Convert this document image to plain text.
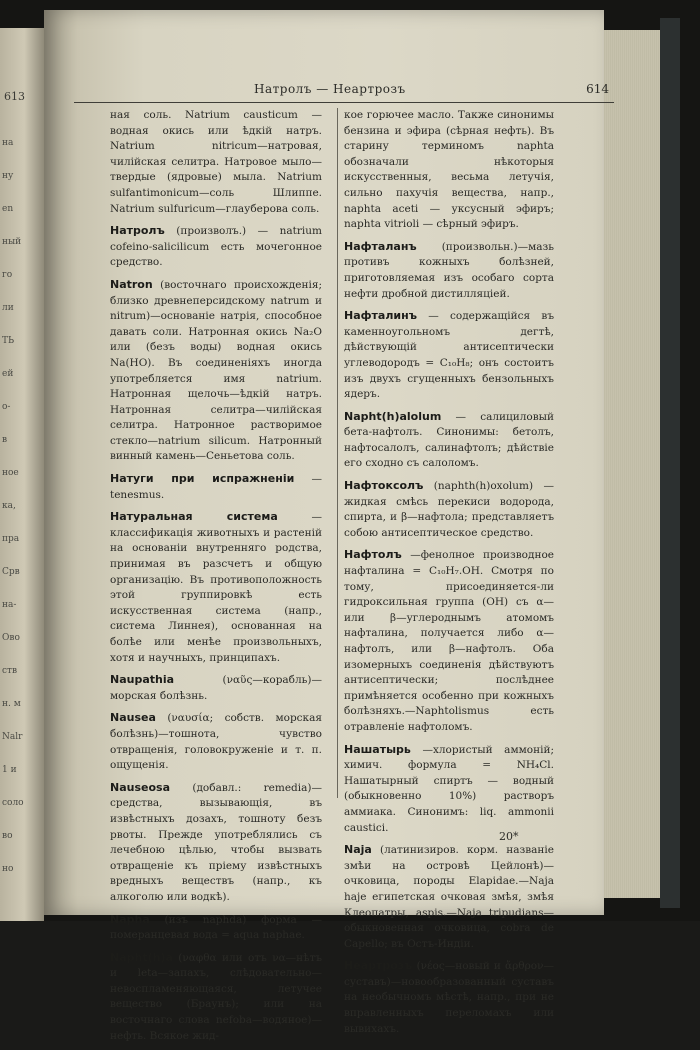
613
на
ну
en
ный
го
ли
ТЬ
ей
о-
в
ное
ка,
пра
Срв
на-
Ово
ств
н. м
Nalr
1 и
соло
во
но
Натролъ — Неартрозъ	614

ная соль. Natrium causticum — водная окись или ѣдкій натръ. Natrium nitricum—натровая, чилійская селитра. Натровое мыло—твердые (ядровые) мыла. Natrium sulfantimonicum—соль Шлиппе. Natrium sulfuricum—глауберова соль.

Натролъ (произволъ.) — natrium cofeino-salicilicum есть мочегонное средство.

Natron (восточнаго происхожденія; близко древнеперсидскому natrum и nitrum)—основаніе натрія, способное давать соли. Натронная окись Na₂O или (безъ воды) водная окись Na(HO). Въ соединеніяхъ иногда употребляется имя natrium. Натронная щелочь—ѣдкій натръ. Натронная селитра—чилійская селитра. Натронное растворимое стекло—natrium silicum. Натронный винный камень—Сеньетова соль.

Натуги при испражненіи — tenesmus.

Натуральная система	—классификація животныхъ и растеній на основаніи внутренняго родства, принимая въ разсчетъ и общую организацію. Въ противоположность этой группировкѣ есть искусственная система (напр., система Линнея), основанная на болѣе или менѣе произвольныхъ, хотя и научныхъ, принципахъ.

Naupathia	(ναῦς—корабль)—морская болѣзнь.

Nausea (ναυσία; собств. морская болѣзнь)—тошнота, чувство отвращенія, головокруженіе и т. п. ощущенія.

Nauseosa (добавл.: remedia)—средства, вызывающія, въ извѣстныхъ дозахъ, тошноту безъ рвоты. Прежде употреблялись съ лечебною цѣлью, чтобы вызвать отвращеніе къ пріему извѣстныхъ вредныхъ веществъ (напр., къ алкоголю или водкѣ).

Napha (изъ naphda) форма — померанцевая вода = aqua naphae.

Napht(h)a (ναφθα или отъ να—нѣтъ и leta—запахъ, слѣдовательно—невоспламеняющаяся, летучее вещество (Браунъ); или на восточнаго слова nefoba—водяное)—нефть. Всякое жид-

кое горючее масло. Также синонимы бензина и эфира (сѣрная нефть). Въ старину терминомъ naphta обозначали нѣкоторыя искусственныя, весьма летучія, сильно пахучія вещества, напр., naphta aceti — уксусный эфиръ; naphta vitrioli — сѣрный эфиръ.

Нафталанъ (произвольн.)—мазь противъ кожныхъ болѣзней, приготовляемая изъ особаго сорта нефти дробной дистилляціей.

Нафталинъ — содержащійся въ каменноугольномъ дегтѣ, дѣйствующій антисептически углеводородъ = C₁₀H₈; онъ состоитъ изъ двухъ сгущенныхъ бензольныхъ ядеръ.

Napht(h)alolum — салициловый бета-нафтолъ. Синонимы: бетолъ, нафтосалолъ, салинафтолъ; дѣйствіе его сходно съ салоломъ.

Нафтоксолъ (naphth(h)oxolum) — жидкая смѣсь перекиси водорода, спирта, и β—нафтола; представляетъ собою антисептическое средство.

Нафтолъ —фенолное производное нафталина = C₁₀H₇.OH. Смотря по тому, присоединяется-ли гидроксильная группа (OH) съ α— или β—углероднымъ атомомъ нафталина, получается либо α—нафтолъ, или β—нафтолъ. Оба изомерныхъ соединенія дѣйствуютъ антисептически; послѣднее примѣняется особенно при кожныхъ болѣзняхъ.—Naphtolismus есть отравленіе нафтоломъ.

Нашатырь —хлористый аммоній; химич. формула = NH₄Cl. Нашатырный спиртъ — водный (обыкновенно 10%) растворъ аммиака. Синонимъ: liq. ammonii caustici.

Naja (латинизиров. корм. названіе змѣи на островѣ Цейлонѣ)—очковица, породы Elapidae.—Naja haje египетская очковая змѣя, змѣя Клеопатры, aspis.—Naja tripudians—обыкновенная очковица, cobra de Capello; въ Остъ-Индіи.

Неартрозъ (νέος—новый и ἄρθρον—суставъ)—новообразованный суставъ на необычномъ мѣстѣ, напр., при не вправленныхъ переломахъ или вывихахъ.

20*
